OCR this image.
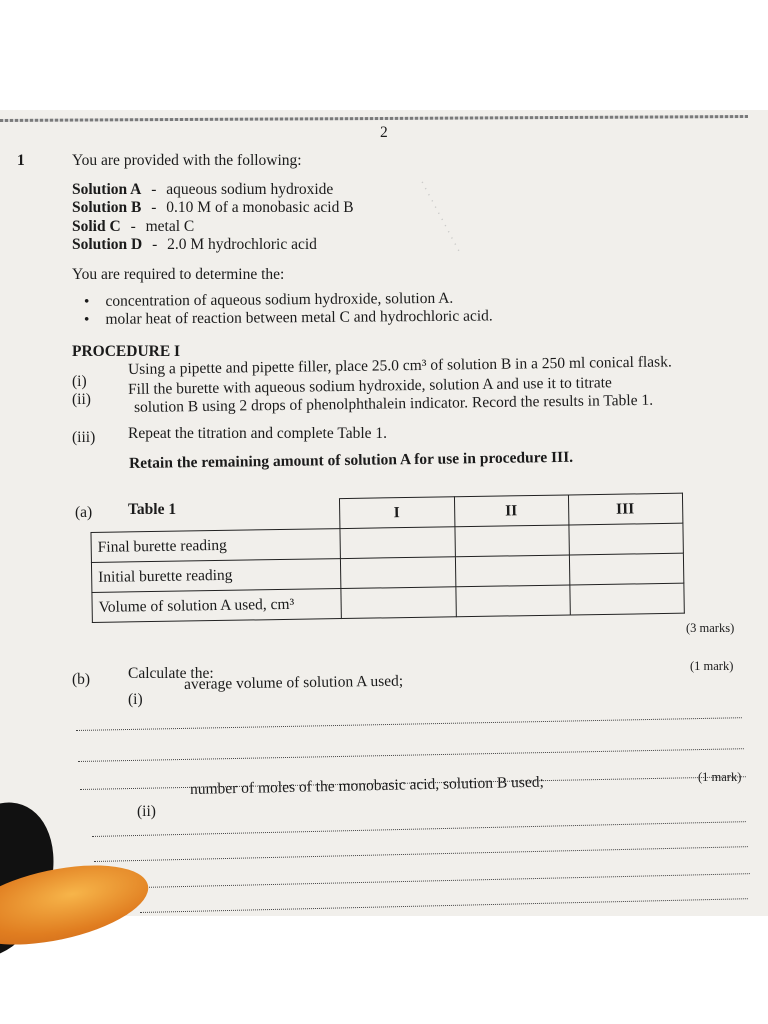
· · · · · · · · · · · ·
2
1	You are provided with the following:
Solution A - aqueous sodium hydroxide
Solution B - 0.10 M of a monobasic acid B
Solid C - metal C
Solution D - 2.0 M hydrochloric acid
You are required to determine the:
• concentration of aqueous sodium hydroxide, solution A.
• molar heat of reaction between metal C and hydrochloric acid.
PROCEDURE I
(i)
Using a pipette and pipette filler, place 25.0 cm³ of solution B in a 250 ml conical flask.
(ii)
Fill the burette with aqueous sodium hydroxide, solution A and use it to titrate
solution B using 2 drops of phenolphthalein indicator. Record the results in Table 1.
(iii) Repeat the titration and complete Table 1.
Retain the remaining amount of solution A for use in procedure III.
(a) Table 1
		I	II	III
Final burette reading			
Initial burette reading			
Volume of solution A used, cm³			
(3 marks)
(b) Calculate the:	(1 mark)
(i)
average volume of solution A used;
(1 mark)
(ii)
number of moles of the monobasic acid, solution B used;
